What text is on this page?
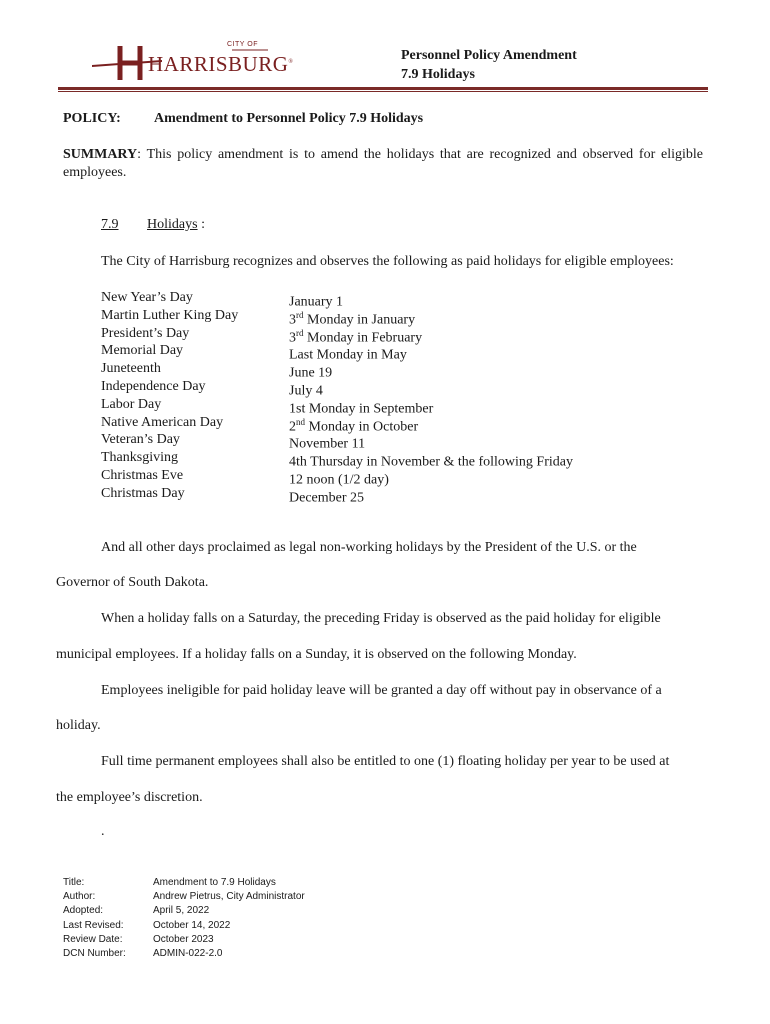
CITY OF
HARRISBURG®	Personnel Policy Amendment
7.9 Holidays
POLICY: Amendment to Personnel Policy 7.9 Holidays
SUMMARY: This policy amendment is to amend the holidays that are recognized and observed for eligible employees.
7.9 Holidays :
The City of Harrisburg recognizes and observes the following as paid holidays for eligible employees:
New Year’s Day	January 1
Martin Luther King Day	3rd Monday in January
President’s Day	3rd Monday in February
Memorial Day	Last Monday in May
Juneteenth	June 19
Independence Day	July 4
Labor Day	1st Monday in September
Native American Day	2nd Monday in October
Veteran’s Day	November 11
Thanksgiving	4th Thursday in November & the following Friday
Christmas Eve	12 noon (1/2 day)
Christmas Day	December 25
And all other days proclaimed as legal non-working holidays by the President of the U.S. or the
Governor of South Dakota.
When a holiday falls on a Saturday, the preceding Friday is observed as the paid holiday for eligible
municipal employees. If a holiday falls on a Sunday, it is observed on the following Monday.
Employees ineligible for paid holiday leave will be granted a day off without pay in observance of a
holiday.
Full time permanent employees shall also be entitled to one (1) floating holiday per year to be used at
the employee’s discretion.
.
Title:	Amendment to 7.9 Holidays
Author:	Andrew Pietrus, City Administrator
Adopted:	April 5, 2022
Last Revised:	October 14, 2022
Review Date:	October 2023
DCN Number:	ADMIN-022-2.0
